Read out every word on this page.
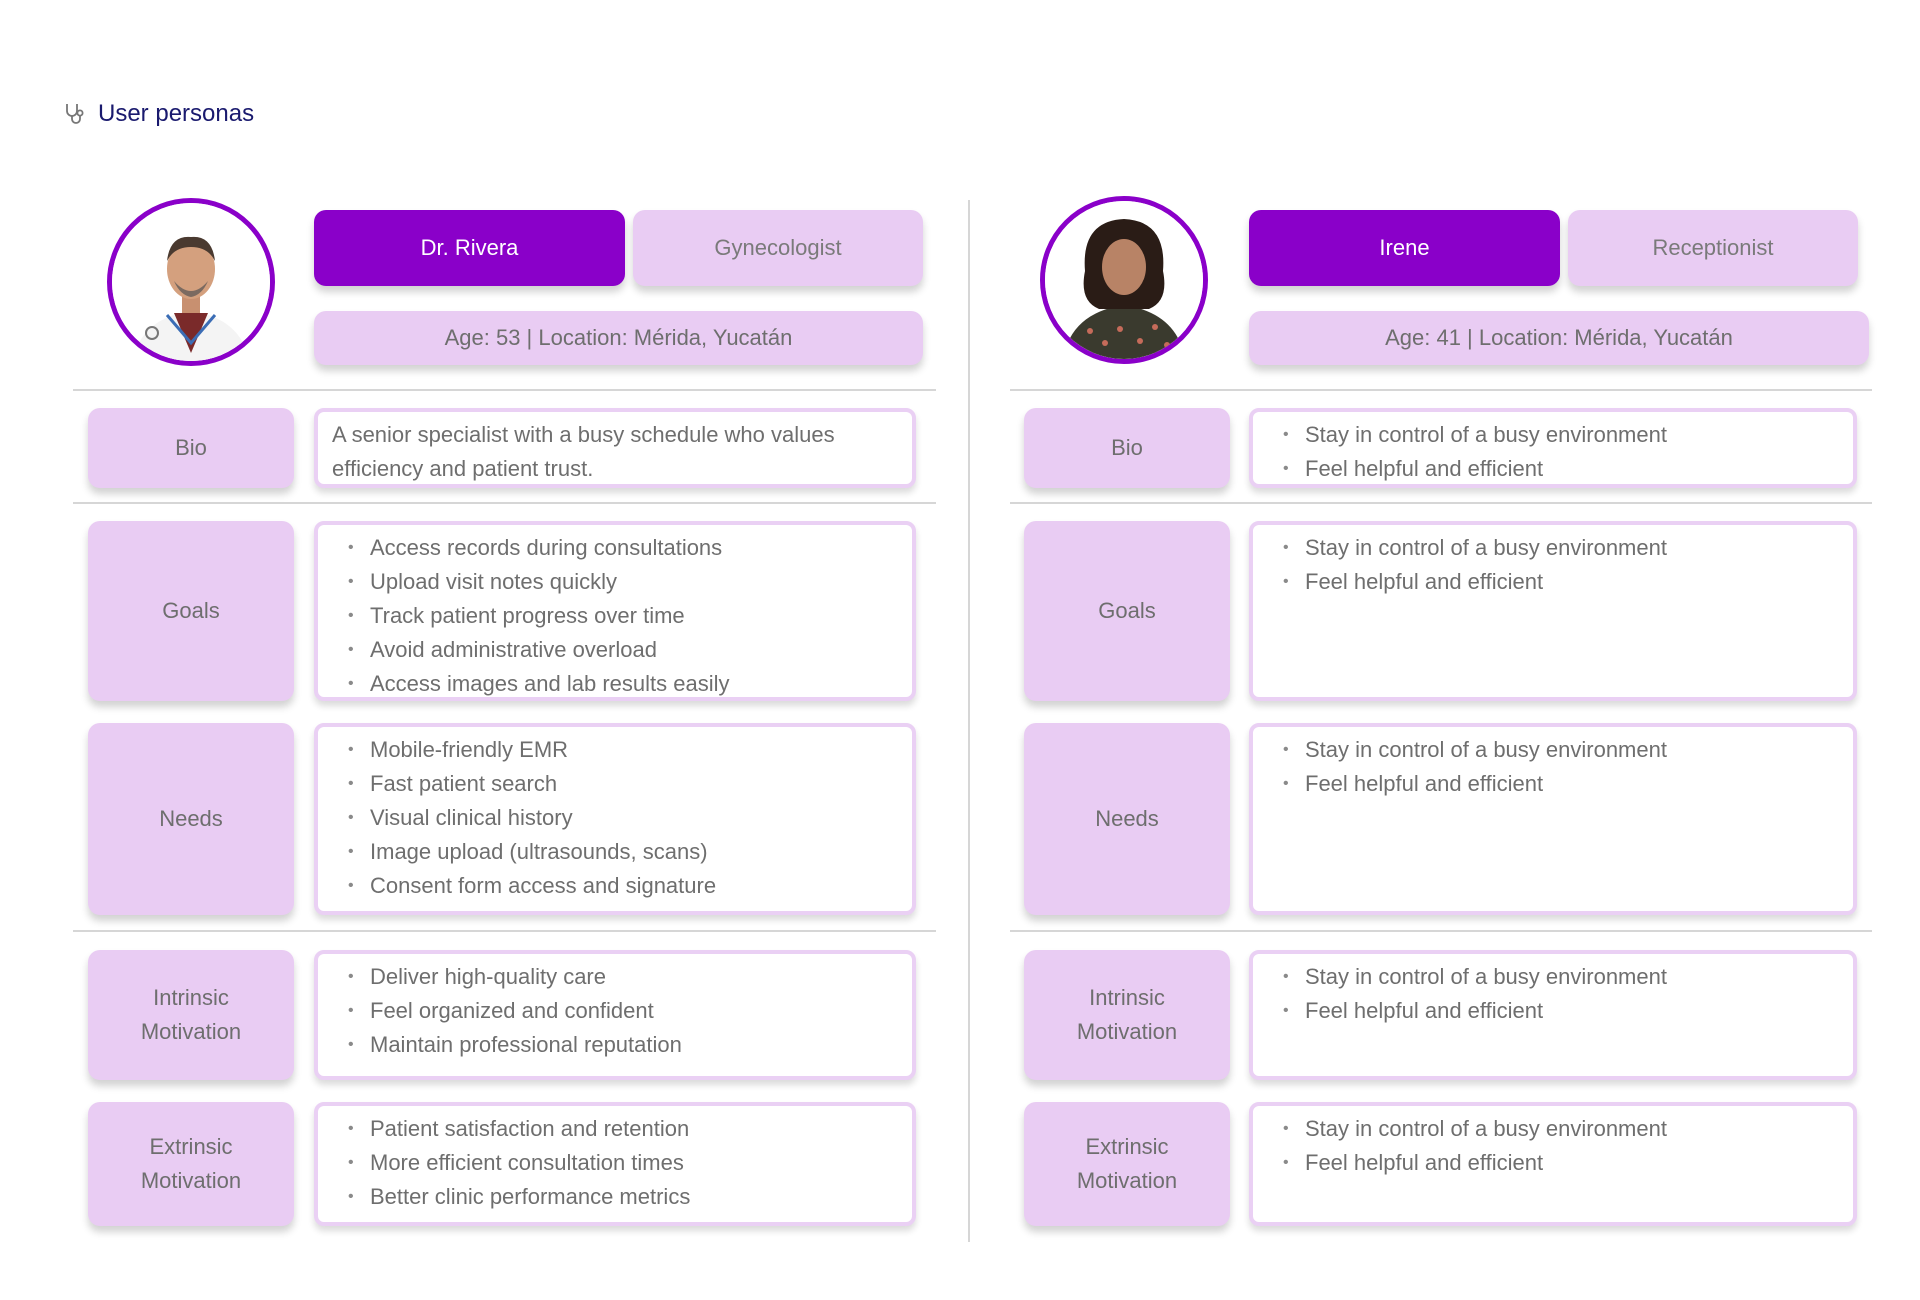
User personas
Dr. Rivera	Gynecologist
Age: 53 | Location: Mérida, Yucatán
Bio

A senior specialist with a busy schedule who values efficiency and patient trust.

Goals
• Access records during consultations
• Upload visit notes quickly
• Track patient progress over time
• Avoid administrative overload
• Access images and lab results easily
Needs
• Mobile-friendly EMR
• Fast patient search
• Visual clinical history
• Image upload (ultrasounds, scans)
• Consent form access and signature
Intrinsic Motivation
• Deliver high-quality care
• Feel organized and confident
• Maintain professional reputation
Extrinsic Motivation
• Patient satisfaction and retention
• More efficient consultation times
• Better clinic performance metrics
Irene	Receptionist
Age: 41 | Location: Mérida, Yucatán
Bio
• Stay in control of a busy environment
• Feel helpful and efficient
Goals
• Stay in control of a busy environment
• Feel helpful and efficient
Needs
• Stay in control of a busy environment
• Feel helpful and efficient
Intrinsic Motivation
• Stay in control of a busy environment
• Feel helpful and efficient
Extrinsic Motivation
• Stay in control of a busy environment
• Feel helpful and efficient
